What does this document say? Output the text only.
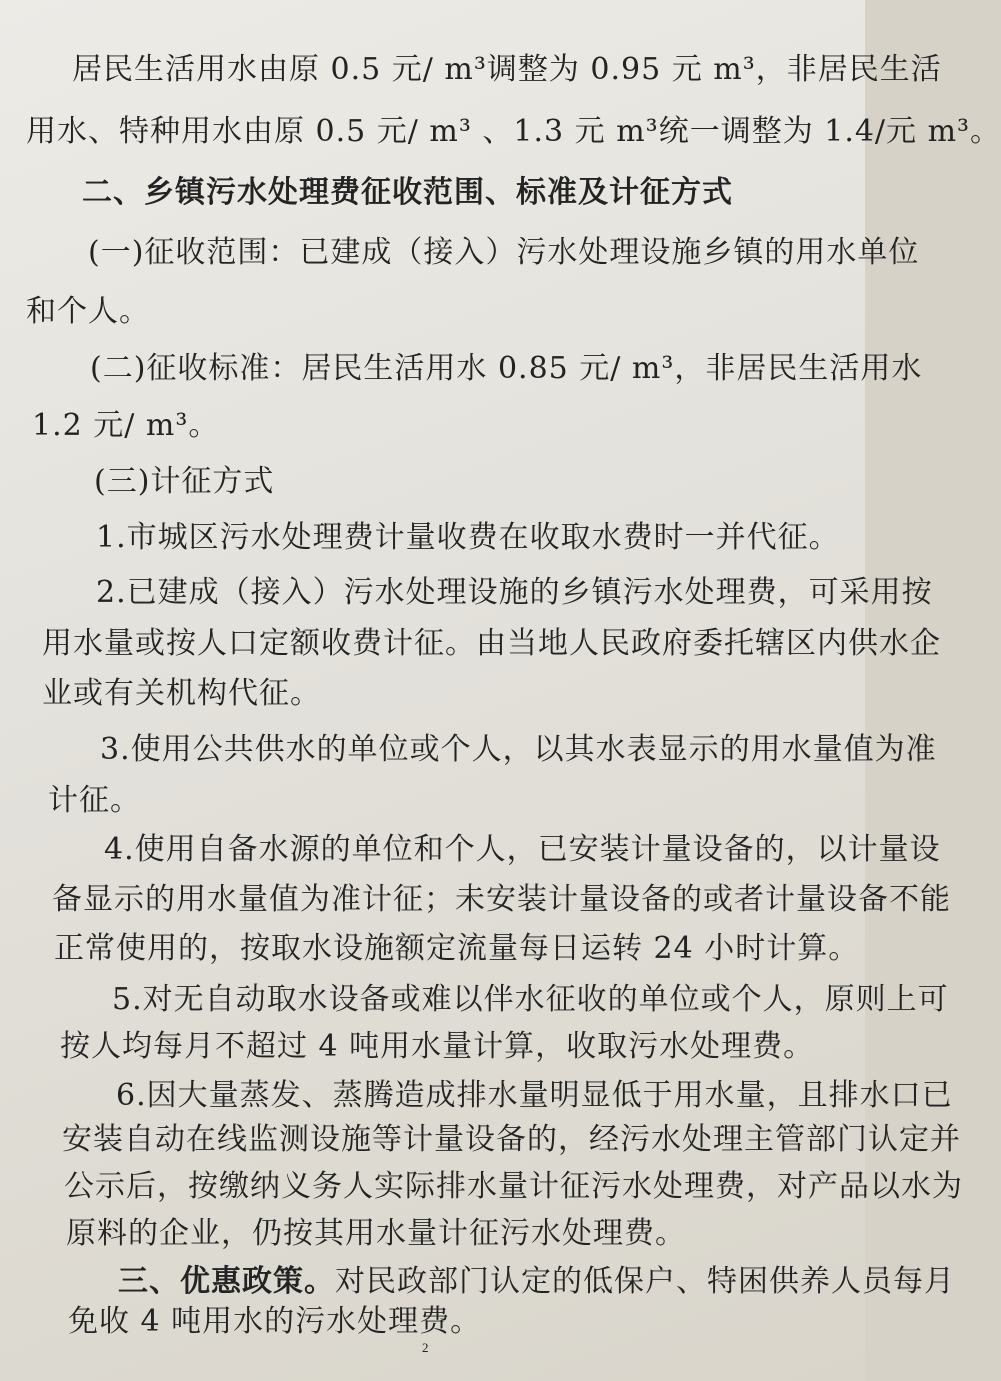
居民生活用水由原 0.5 元/ m³调整为 0.95 元 m³，非居民生活
用水、特种用水由原 0.5 元/ m³ 、1.3 元 m³统一调整为 1.4/元 m³。
二、乡镇污水处理费征收范围、标准及计征方式
(一)征收范围：已建成（接入）污水处理设施乡镇的用水单位
和个人。
(二)征收标准：居民生活用水 0.85 元/ m³，非居民生活用水
1.2 元/ m³。
(三)计征方式
1.市城区污水处理费计量收费在收取水费时一并代征。
2.已建成（接入）污水处理设施的乡镇污水处理费，可采用按
用水量或按人口定额收费计征。由当地人民政府委托辖区内供水企
业或有关机构代征。
3.使用公共供水的单位或个人，以其水表显示的用水量值为准
计征。
4.使用自备水源的单位和个人，已安装计量设备的，以计量设
备显示的用水量值为准计征；未安装计量设备的或者计量设备不能
正常使用的，按取水设施额定流量每日运转 24 小时计算。
5.对无自动取水设备或难以伴水征收的单位或个人，原则上可
按人均每月不超过 4 吨用水量计算，收取污水处理费。
6.因大量蒸发、蒸腾造成排水量明显低于用水量，且排水口已
安装自动在线监测设施等计量设备的，经污水处理主管部门认定并
公示后，按缴纳义务人实际排水量计征污水处理费，对产品以水为
原料的企业，仍按其用水量计征污水处理费。
三、优惠政策。对民政部门认定的低保户、特困供养人员每月
免收 4 吨用水的污水处理费。
2
